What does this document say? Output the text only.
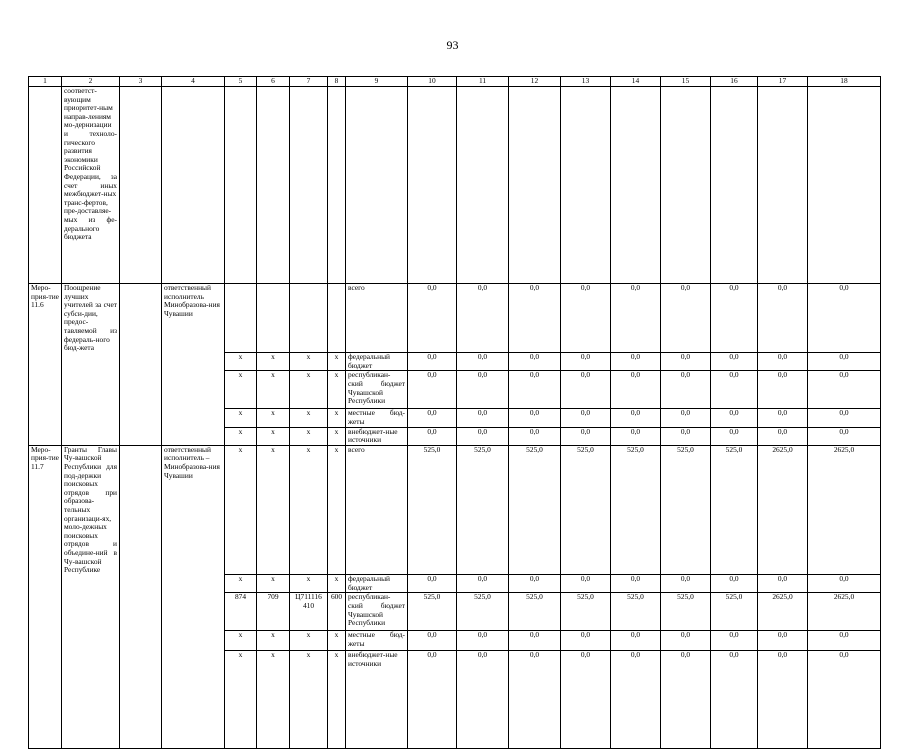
93
1	2	3	4	5	6	7	8	9	10	11	12	13	14	15	16	17	18
	соответст-вующим приоритет-ным направ-лениям мо-дернизации и техноло-гического развития экономики Российской Федерации, за счет иных межбюджет-ных транс-фертов, пре-доставляе-мых из фе-дерального бюджета																
Меро-прия-тие 11.6	Поощрение лучших учителей за счет субси-дии, предос-тавляемой из федераль-ного бюд-жета		ответственный исполнитель Минобразова-ния Чувашии					всего	0,0	0,0	0,0	0,0	0,0	0,0	0,0	0,0	0,0
				x	x	x	x	федеральный бюджет	0,0	0,0	0,0	0,0	0,0	0,0	0,0	0,0	0,0
				x	x	x	x	республикан-ский бюджет Чувашской Республики	0,0	0,0	0,0	0,0	0,0	0,0	0,0	0,0	0,0
				x	x	x	x	местные бюд-жеты	0,0	0,0	0,0	0,0	0,0	0,0	0,0	0,0	0,0
				x	x	x	x	внебюджет-ные источники	0,0	0,0	0,0	0,0	0,0	0,0	0,0	0,0	0,0
Меро-прия-тие 11.7	Гранты Главы Чу-вашской Республики для под-держки поисковых отрядов при образова-тельных организаци-ях, моло-дежных поисковых отрядов и объедине-ний в Чу-вашской Республике		ответственный исполнитель – Минобразова-ния Чувашии	x	x	x	x	всего	525,0	525,0	525,0	525,0	525,0	525,0	525,0	2625,0	2625,0
				x	x	x	x	федеральный бюджет	0,0	0,0	0,0	0,0	0,0	0,0	0,0	0,0	0,0
				874	709	Ц711116 410	600	республикан-ский бюджет Чувашской Республики	525,0	525,0	525,0	525,0	525,0	525,0	525,0	2625,0	2625,0
				x	x	x	x	местные бюд-жеты	0,0	0,0	0,0	0,0	0,0	0,0	0,0	0,0	0,0
				x	x	x	x	внебюджет-ные источники	0,0	0,0	0,0	0,0	0,0	0,0	0,0	0,0	0,0
